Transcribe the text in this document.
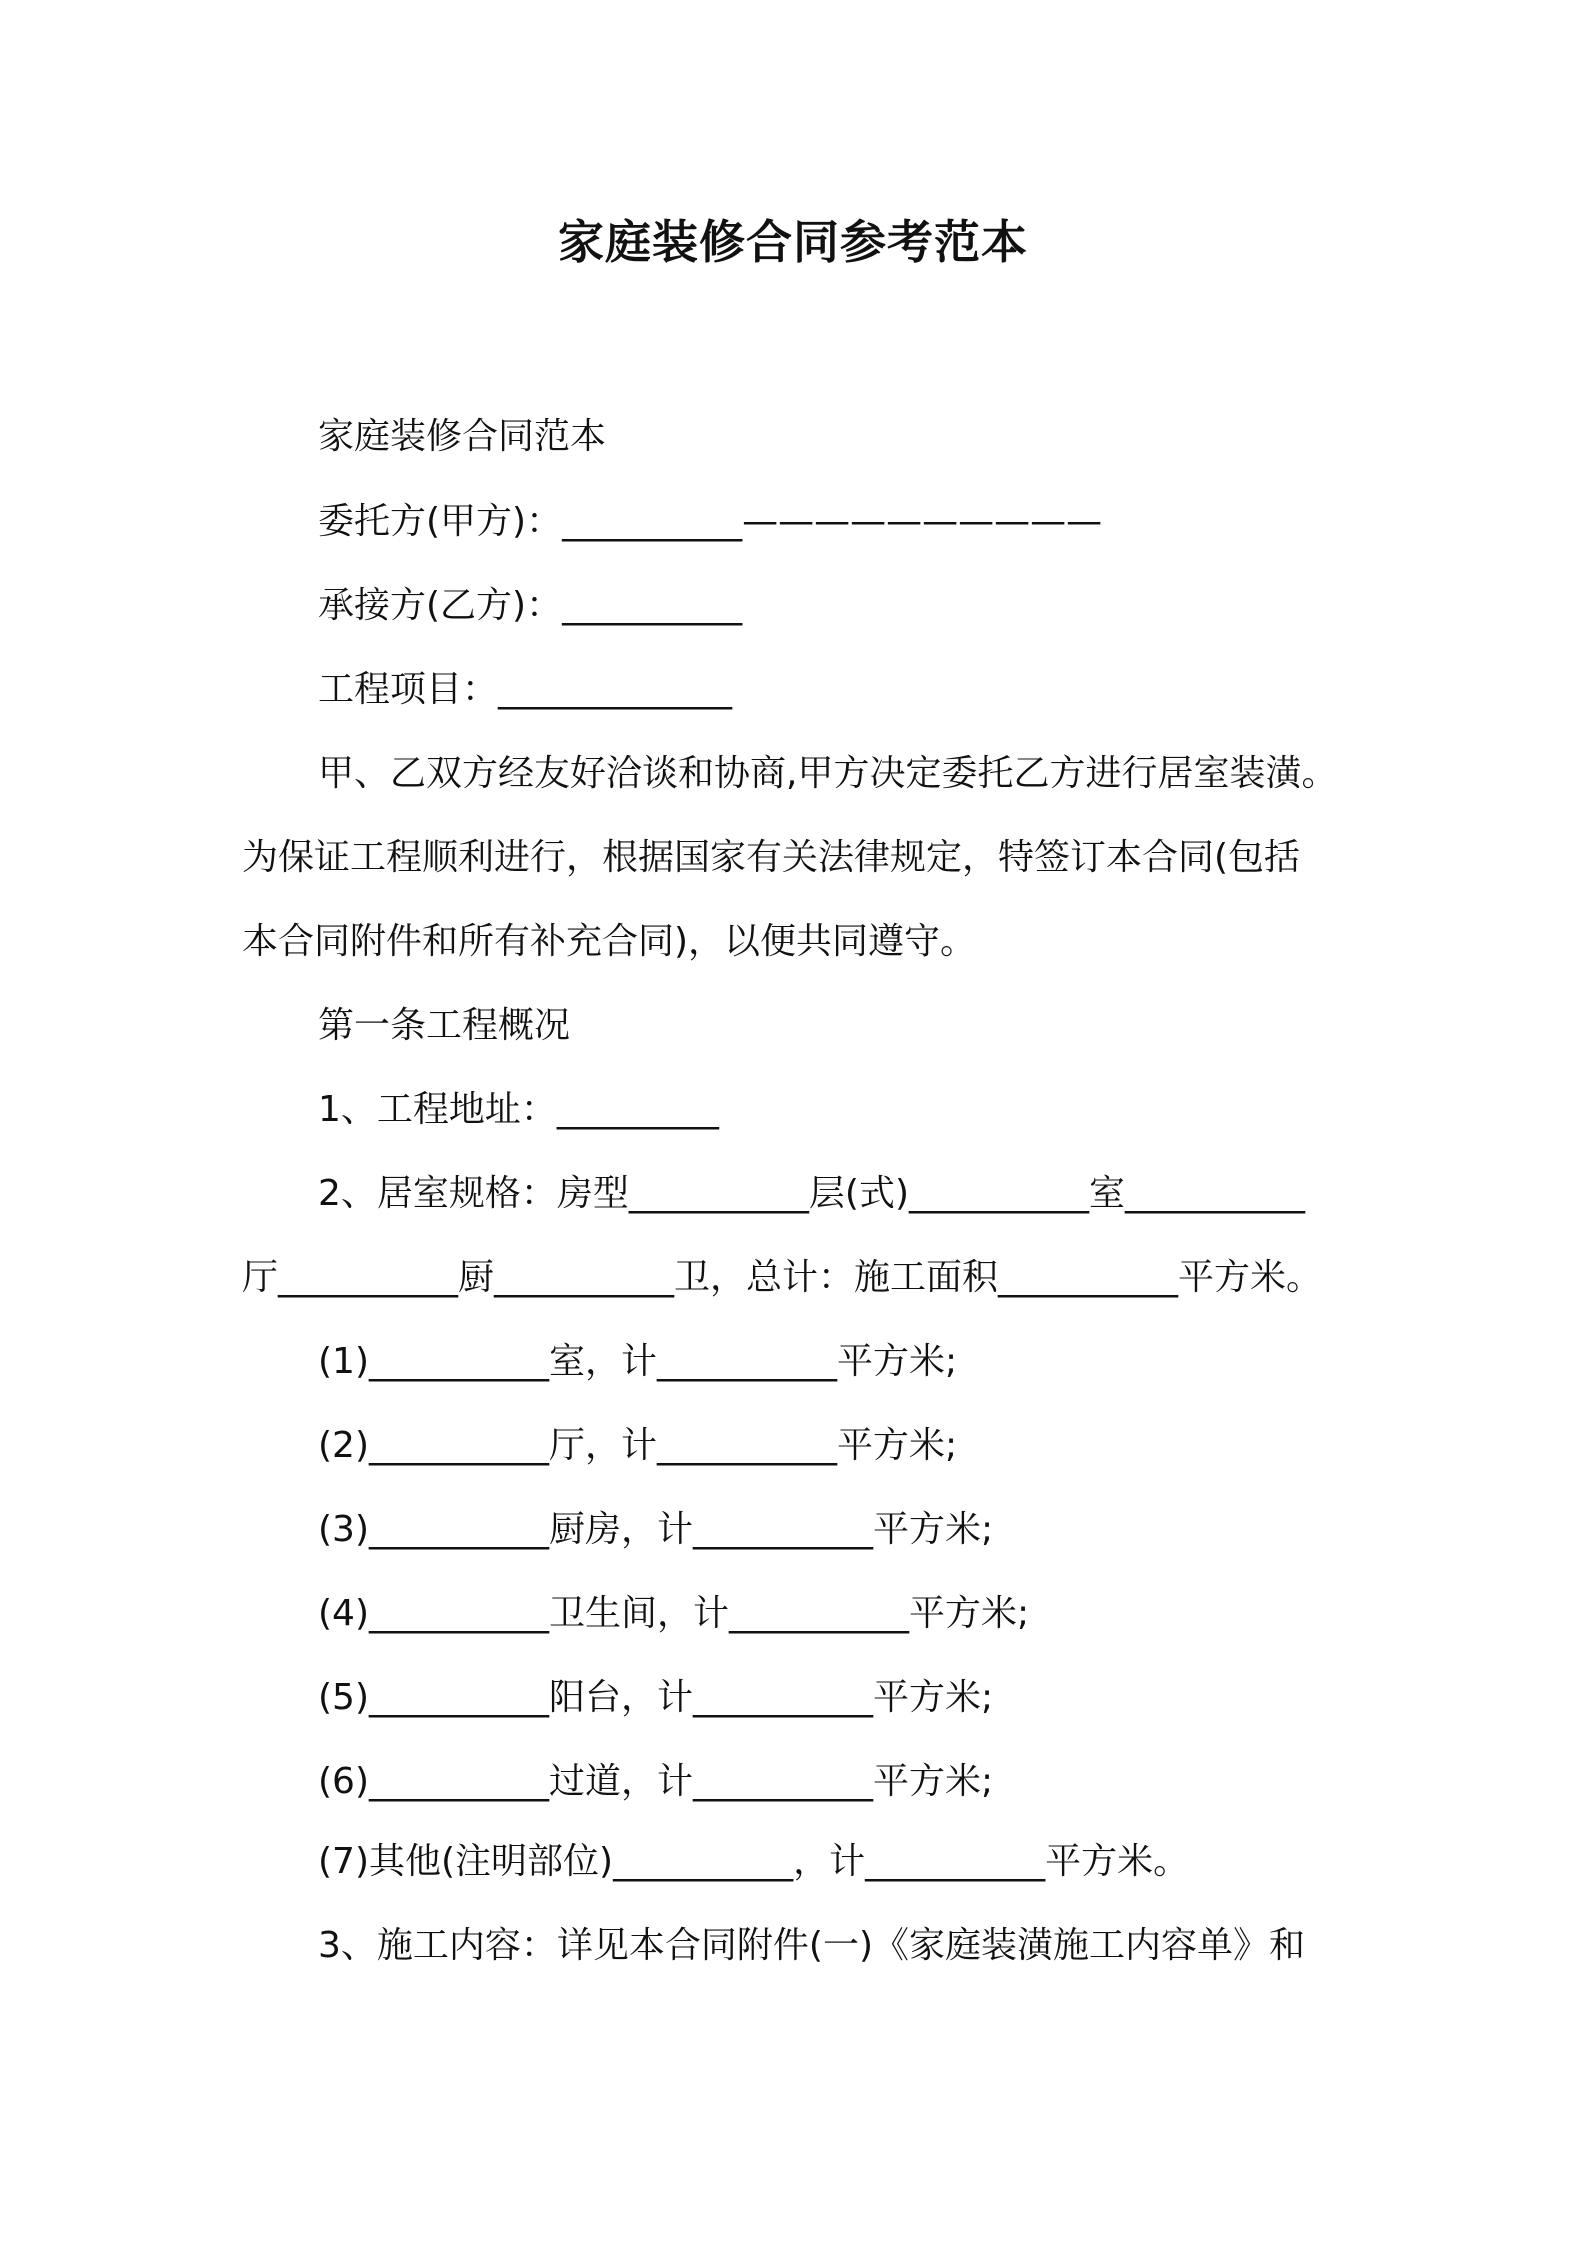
家庭装修合同参考范本
家庭装修合同范本
委托方(甲方)：__________——————————
承接方(乙方)：__________
工程项目：_____________
甲、乙双方经友好洽谈和协商,甲方决定委托乙方进行居室装潢。
为保证工程顺利进行，根据国家有关法律规定，特签订本合同(包括
本合同附件和所有补充合同)，以便共同遵守。
第一条工程概况
1、工程地址：_________
2、居室规格：房型__________层(式)__________室__________
厅__________厨__________卫，总计：施工面积__________平方米。
(1)__________室，计__________平方米;
(2)__________厅，计__________平方米;
(3)__________厨房，计__________平方米;
(4)__________卫生间，计__________平方米;
(5)__________阳台，计__________平方米;
(6)__________过道，计__________平方米;
(7)其他(注明部位)__________，计__________平方米。
3、施工内容：详见本合同附件(一)《家庭装潢施工内容单》和
